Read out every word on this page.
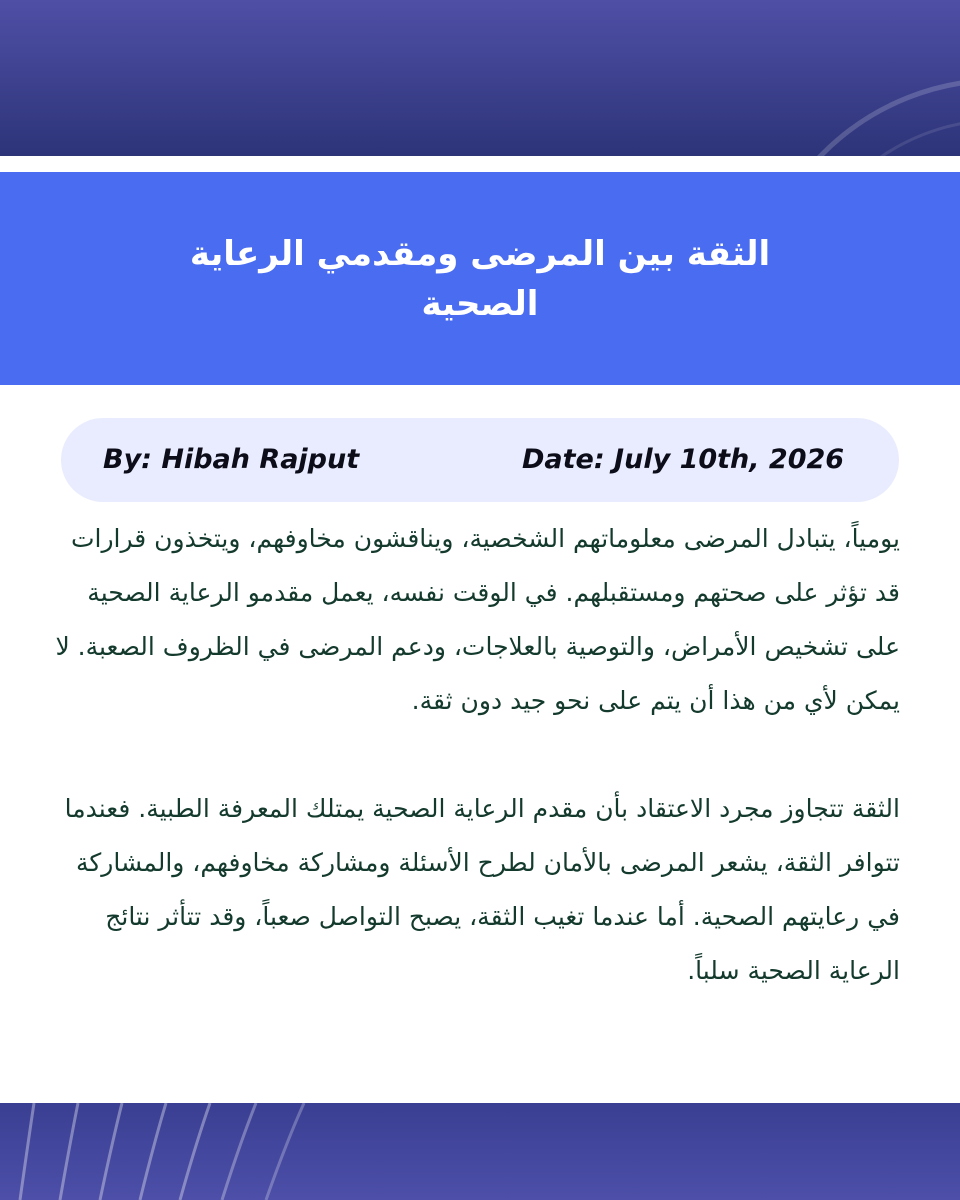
الثقة بين المرضى ومقدمي الرعاية الصحية
By: Hibah Rajput	Date: July 10th, 2026

يومياً، يتبادل المرضى معلوماتهم الشخصية، ويناقشون مخاوفهم، ويتخذون قرارات قد تؤثر على صحتهم ومستقبلهم. في الوقت نفسه، يعمل مقدمو الرعاية الصحية على تشخيص الأمراض، والتوصية بالعلاجات، ودعم المرضى في الظروف الصعبة. لا يمكن لأي من هذا أن يتم على نحو جيد دون ثقة.

الثقة تتجاوز مجرد الاعتقاد بأن مقدم الرعاية الصحية يمتلك المعرفة الطبية. فعندما تتوافر الثقة، يشعر المرضى بالأمان لطرح الأسئلة ومشاركة مخاوفهم، والمشاركة في رعايتهم الصحية. أما عندما تغيب الثقة، يصبح التواصل صعباً، وقد تتأثر نتائج الرعاية الصحية سلباً.
